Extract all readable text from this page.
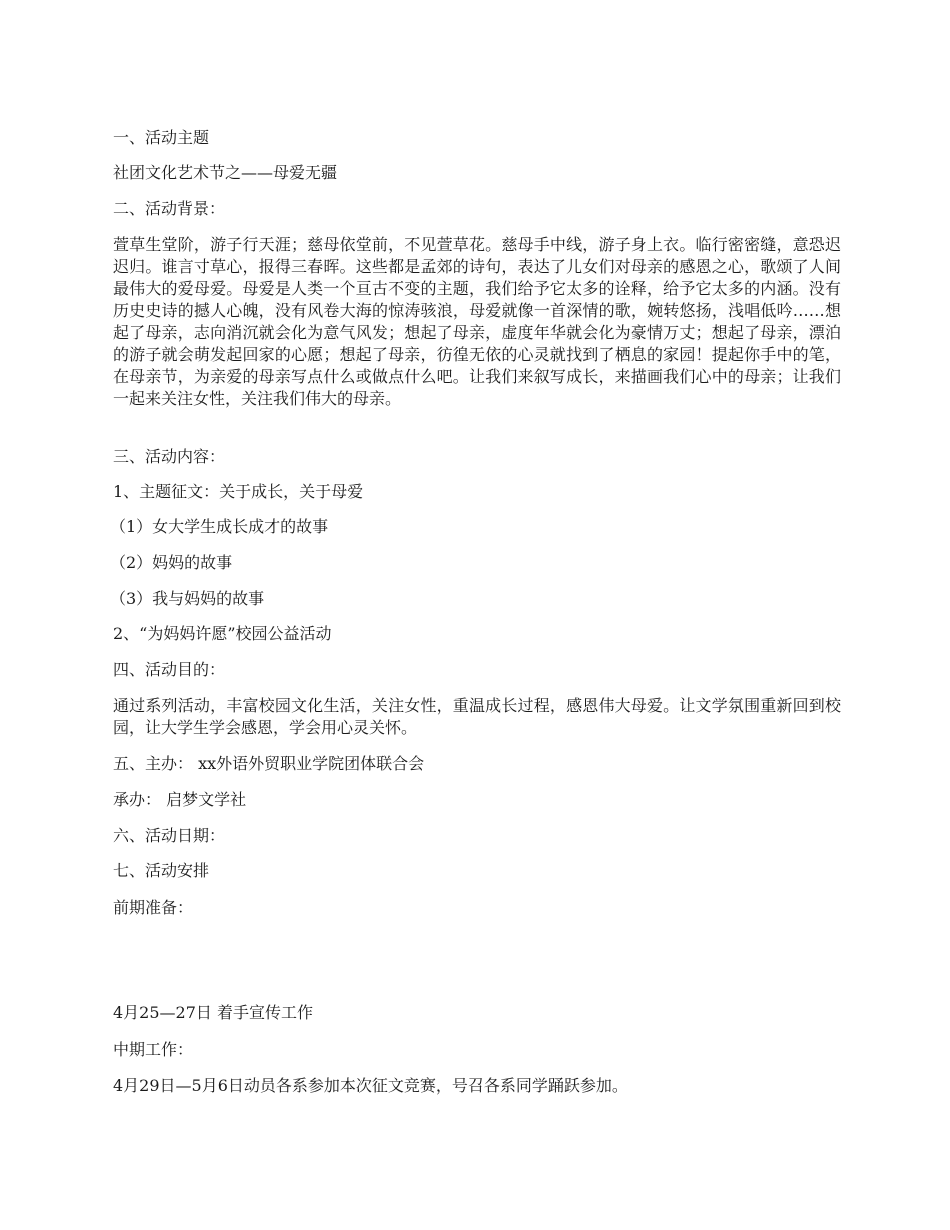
一、活动主题
社团文化艺术节之——母爱无疆
二、活动背景：
萱草生堂阶，游子行天涯；慈母依堂前，不见萱草花。慈母手中线，游子身上衣。临行密密缝，意恐迟迟归。谁言寸草心，报得三春晖。这些都是孟郊的诗句，表达了儿女们对母亲的感恩之心，歌颂了人间最伟大的爱母爱。母爱是人类一个亘古不变的主题，我们给予它太多的诠释，给予它太多的内涵。没有历史史诗的撼人心魄，没有风卷大海的惊涛骇浪，母爱就像一首深情的歌，婉转悠扬，浅唱低吟……想起了母亲，志向消沉就会化为意气风发；想起了母亲，虚度年华就会化为豪情万丈；想起了母亲，漂泊的游子就会萌发起回家的心愿；想起了母亲，彷徨无依的心灵就找到了栖息的家园！提起你手中的笔，在母亲节，为亲爱的母亲写点什么或做点什么吧。让我们来叙写成长，来描画我们心中的母亲；让我们一起来关注女性，关注我们伟大的母亲。
三、活动内容：
1、主题征文：关于成长，关于母爱
（1）女大学生成长成才的故事
（2）妈妈的故事
（3）我与妈妈的故事
2、“为妈妈许愿”校园公益活动
四、活动目的：
通过系列活动，丰富校园文化生活，关注女性，重温成长过程，感恩伟大母爱。让文学氛围重新回到校园，让大学生学会感恩，学会用心灵关怀。
五、主办： xx外语外贸职业学院团体联合会
承办： 启梦文学社
六、活动日期：
七、活动安排
前期准备：
4月25—27日 着手宣传工作
中期工作：
4月29日—5月6日动员各系参加本次征文竞赛，号召各系同学踊跃参加。
